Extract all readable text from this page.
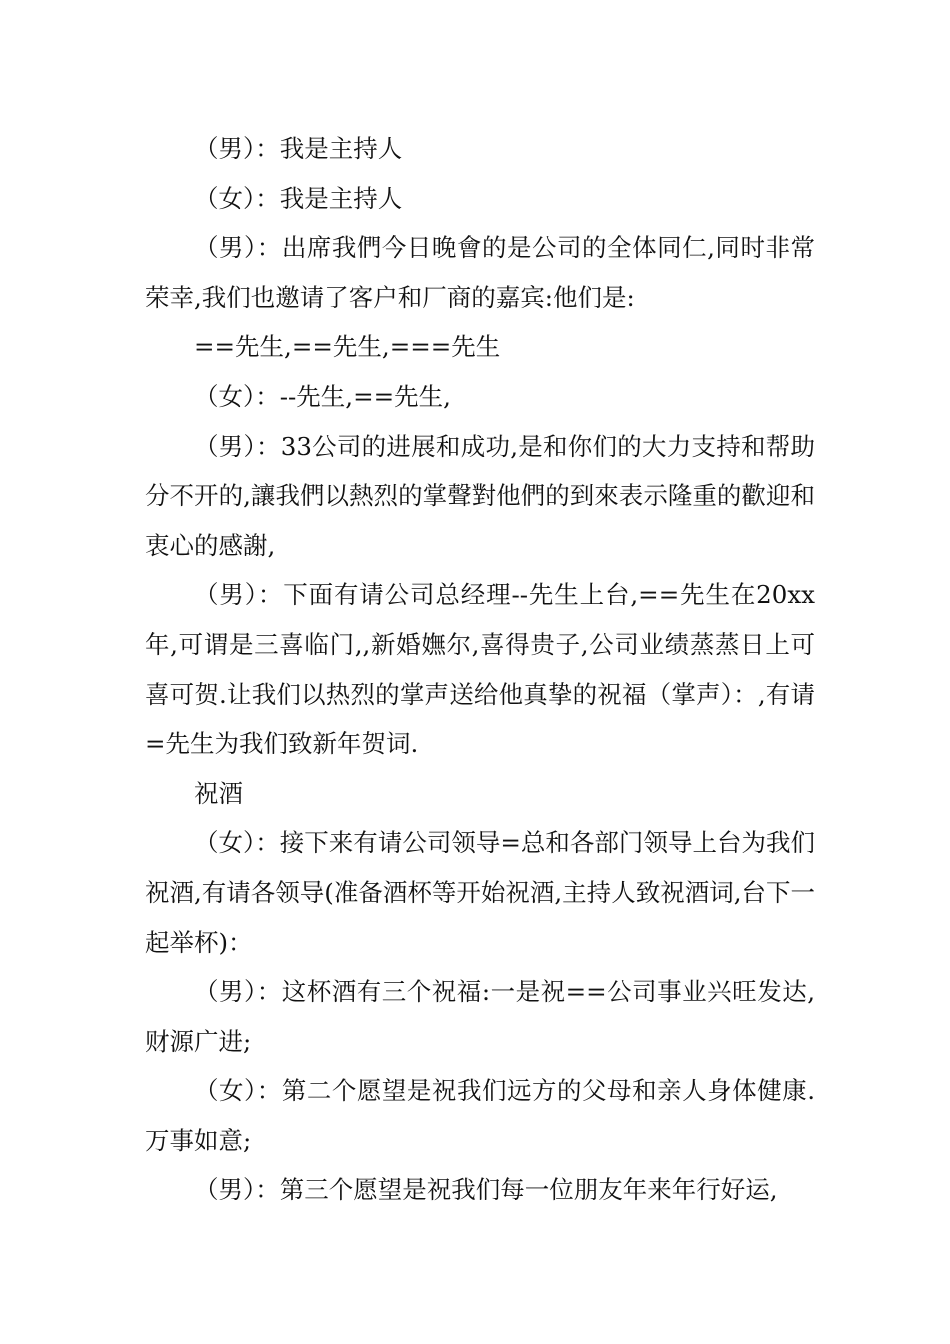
（男）：我是主持人

（女）：我是主持人

（男）：出席我們今日晚會的是公司的全体同仁,同时非常荣幸,我们也邀请了客户和厂商的嘉宾:他们是:

==先生,==先生,===先生

（女）：--先生,==先生,

（男）：33公司的进展和成功,是和你们的大力支持和帮助分不开的,讓我們以熱烈的掌聲對他們的到來表示隆重的歡迎和衷心的感謝,

（男）：下面有请公司总经理--先生上台,==先生在20xx年,可谓是三喜临门,,新婚嫵尔,喜得贵子,公司业绩蒸蒸日上可喜可贺.让我们以热烈的掌声送给他真挚的祝福（掌声）：,有请=先生为我们致新年贺词.

祝酒

（女）：接下来有请公司领导=总和各部门领导上台为我们祝酒,有请各领导(准备酒杯等开始祝酒,主持人致祝酒词,台下一起举杯)：

（男）：这杯酒有三个祝福:一是祝==公司事业兴旺发达,财源广进;

（女）：第二个愿望是祝我们远方的父母和亲人身体健康.万事如意;

（男）：第三个愿望是祝我们每一位朋友年来年行好运,
